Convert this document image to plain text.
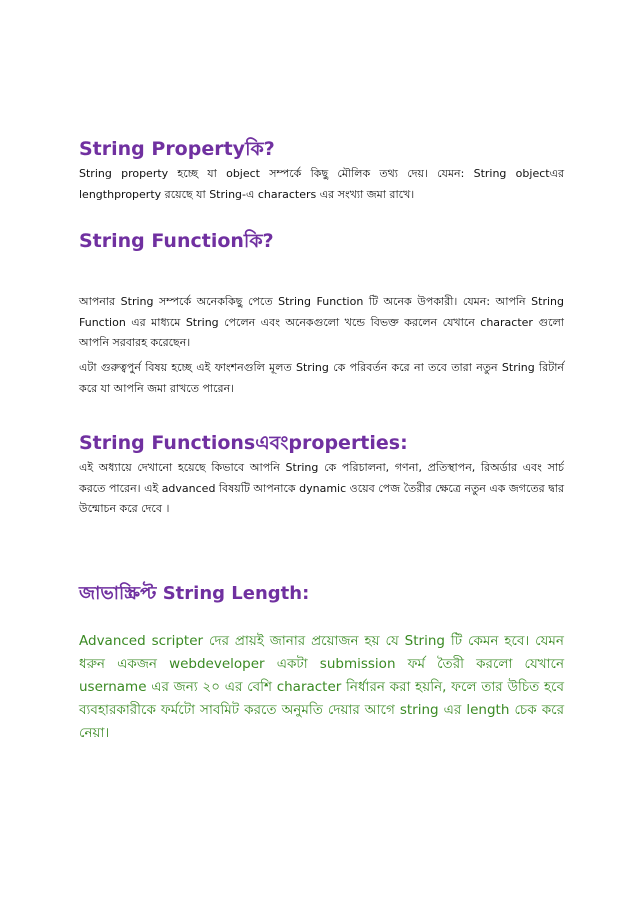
String Propertyকি?

String property হচ্ছে যা object সম্পর্কে কিছু মৌলিক তথ্য দেয়। যেমন: String objectএর lengthproperty রয়েছে যা String-এ characters এর সংখ্যা জমা রাখে।

String Functionকি?

আপনার String সম্পর্কে অনেককিছু পেতে String Function টি অনেক উপকারী। যেমন: আপনি String Function এর মাধ্যমে String পেলেন এবং অনেকগুলো খন্ডে বিভক্ত করলেন যেখানে character গুলো আপনি সরবারহ করেছেন।

এটা গুরুত্বপুর্ন বিষয় হচ্ছে এই ফাংশনগুলি মূলত String কে পরিবর্তন করে না তবে তারা নতুন String রিটার্ন করে যা আপনি জমা রাখতে পারেন।

String Functionsএবংproperties:

এই অধ্যায়ে দেখানো হয়েছে কিভাবে আপনি String কে পরিচালনা, গণনা, প্রতিস্থাপন, রিঅর্ডার এবং সার্চ করতে পারেন। এই advanced বিষয়টি আপনাকে dynamic ওয়েব পেজ তৈরীর ক্ষেত্রে নতুন এক জগতের দ্বার উন্মোচন করে দেবে ।

জাভাস্ক্রিপ্ট String Length:

Advanced scripter দের প্রায়ই জানার প্রয়োজন হয় যে String টি কেমন হবে। যেমন ধরুন একজন webdeveloper একটা submission ফর্ম তৈরী করলো যেখানে username এর জন্য ২০ এর বেশি character নির্ধারন করা হয়নি, ফলে তার উচিত হবে ব্যবহারকারীকে ফর্মটো সাবমিট করতে অনুমতি দেয়ার আগে string এর length চেক করে নেয়া।
